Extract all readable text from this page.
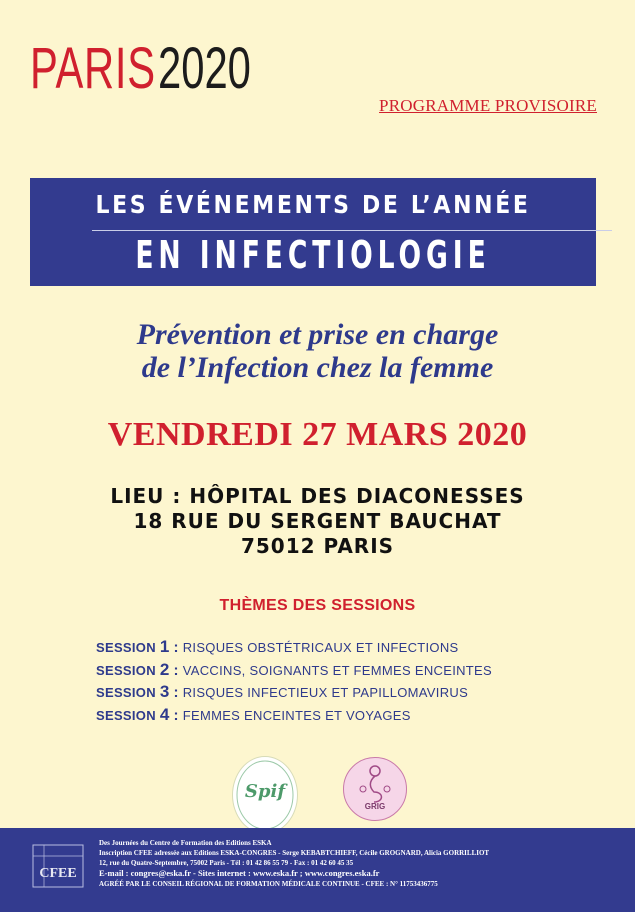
PARIS 2020
PROGRAMME PROVISOIRE
LES ÉVÉNEMENTS DE L’ANNÉE
EN INFECTIOLOGIE
Prévention et prise en charge
de l’Infection chez la femme
VENDREDI 27 MARS 2020
LIEU : HÔPITAL DES DIACONESSES
18 RUE DU SERGENT BAUCHAT
75012 PARIS
THÈMES DES SESSIONS
SESSION 1 : RISQUES OBSTÉTRICAUX ET INFECTIONS
SESSION 2 : VACCINS, SOIGNANTS ET FEMMES ENCEINTES
SESSION 3 : RISQUES INFECTIEUX ET PAPILLOMAVIRUS
SESSION 4 : FEMMES ENCEINTES ET VOYAGES
Spif
GRIG
CFEE
Des Journées du Centre de Formation des Editions ESKA
Inscription CFEE adressée aux Editions ESKA-CONGRES - Serge KEBABTCHIEFF, Cécile GROGNARD, Alicia GORRILLIOT
12, rue du Quatre-Septembre, 75002 Paris - Tél : 01 42 86 55 79 - Fax : 01 42 60 45 35
E-mail : congres@eska.fr - Sites internet : www.eska.fr ; www.congres.eska.fr
AGRÉÉ PAR LE CONSEIL RÉGIONAL DE FORMATION MÉDICALE CONTINUE - CFEE : N° 11753436775
